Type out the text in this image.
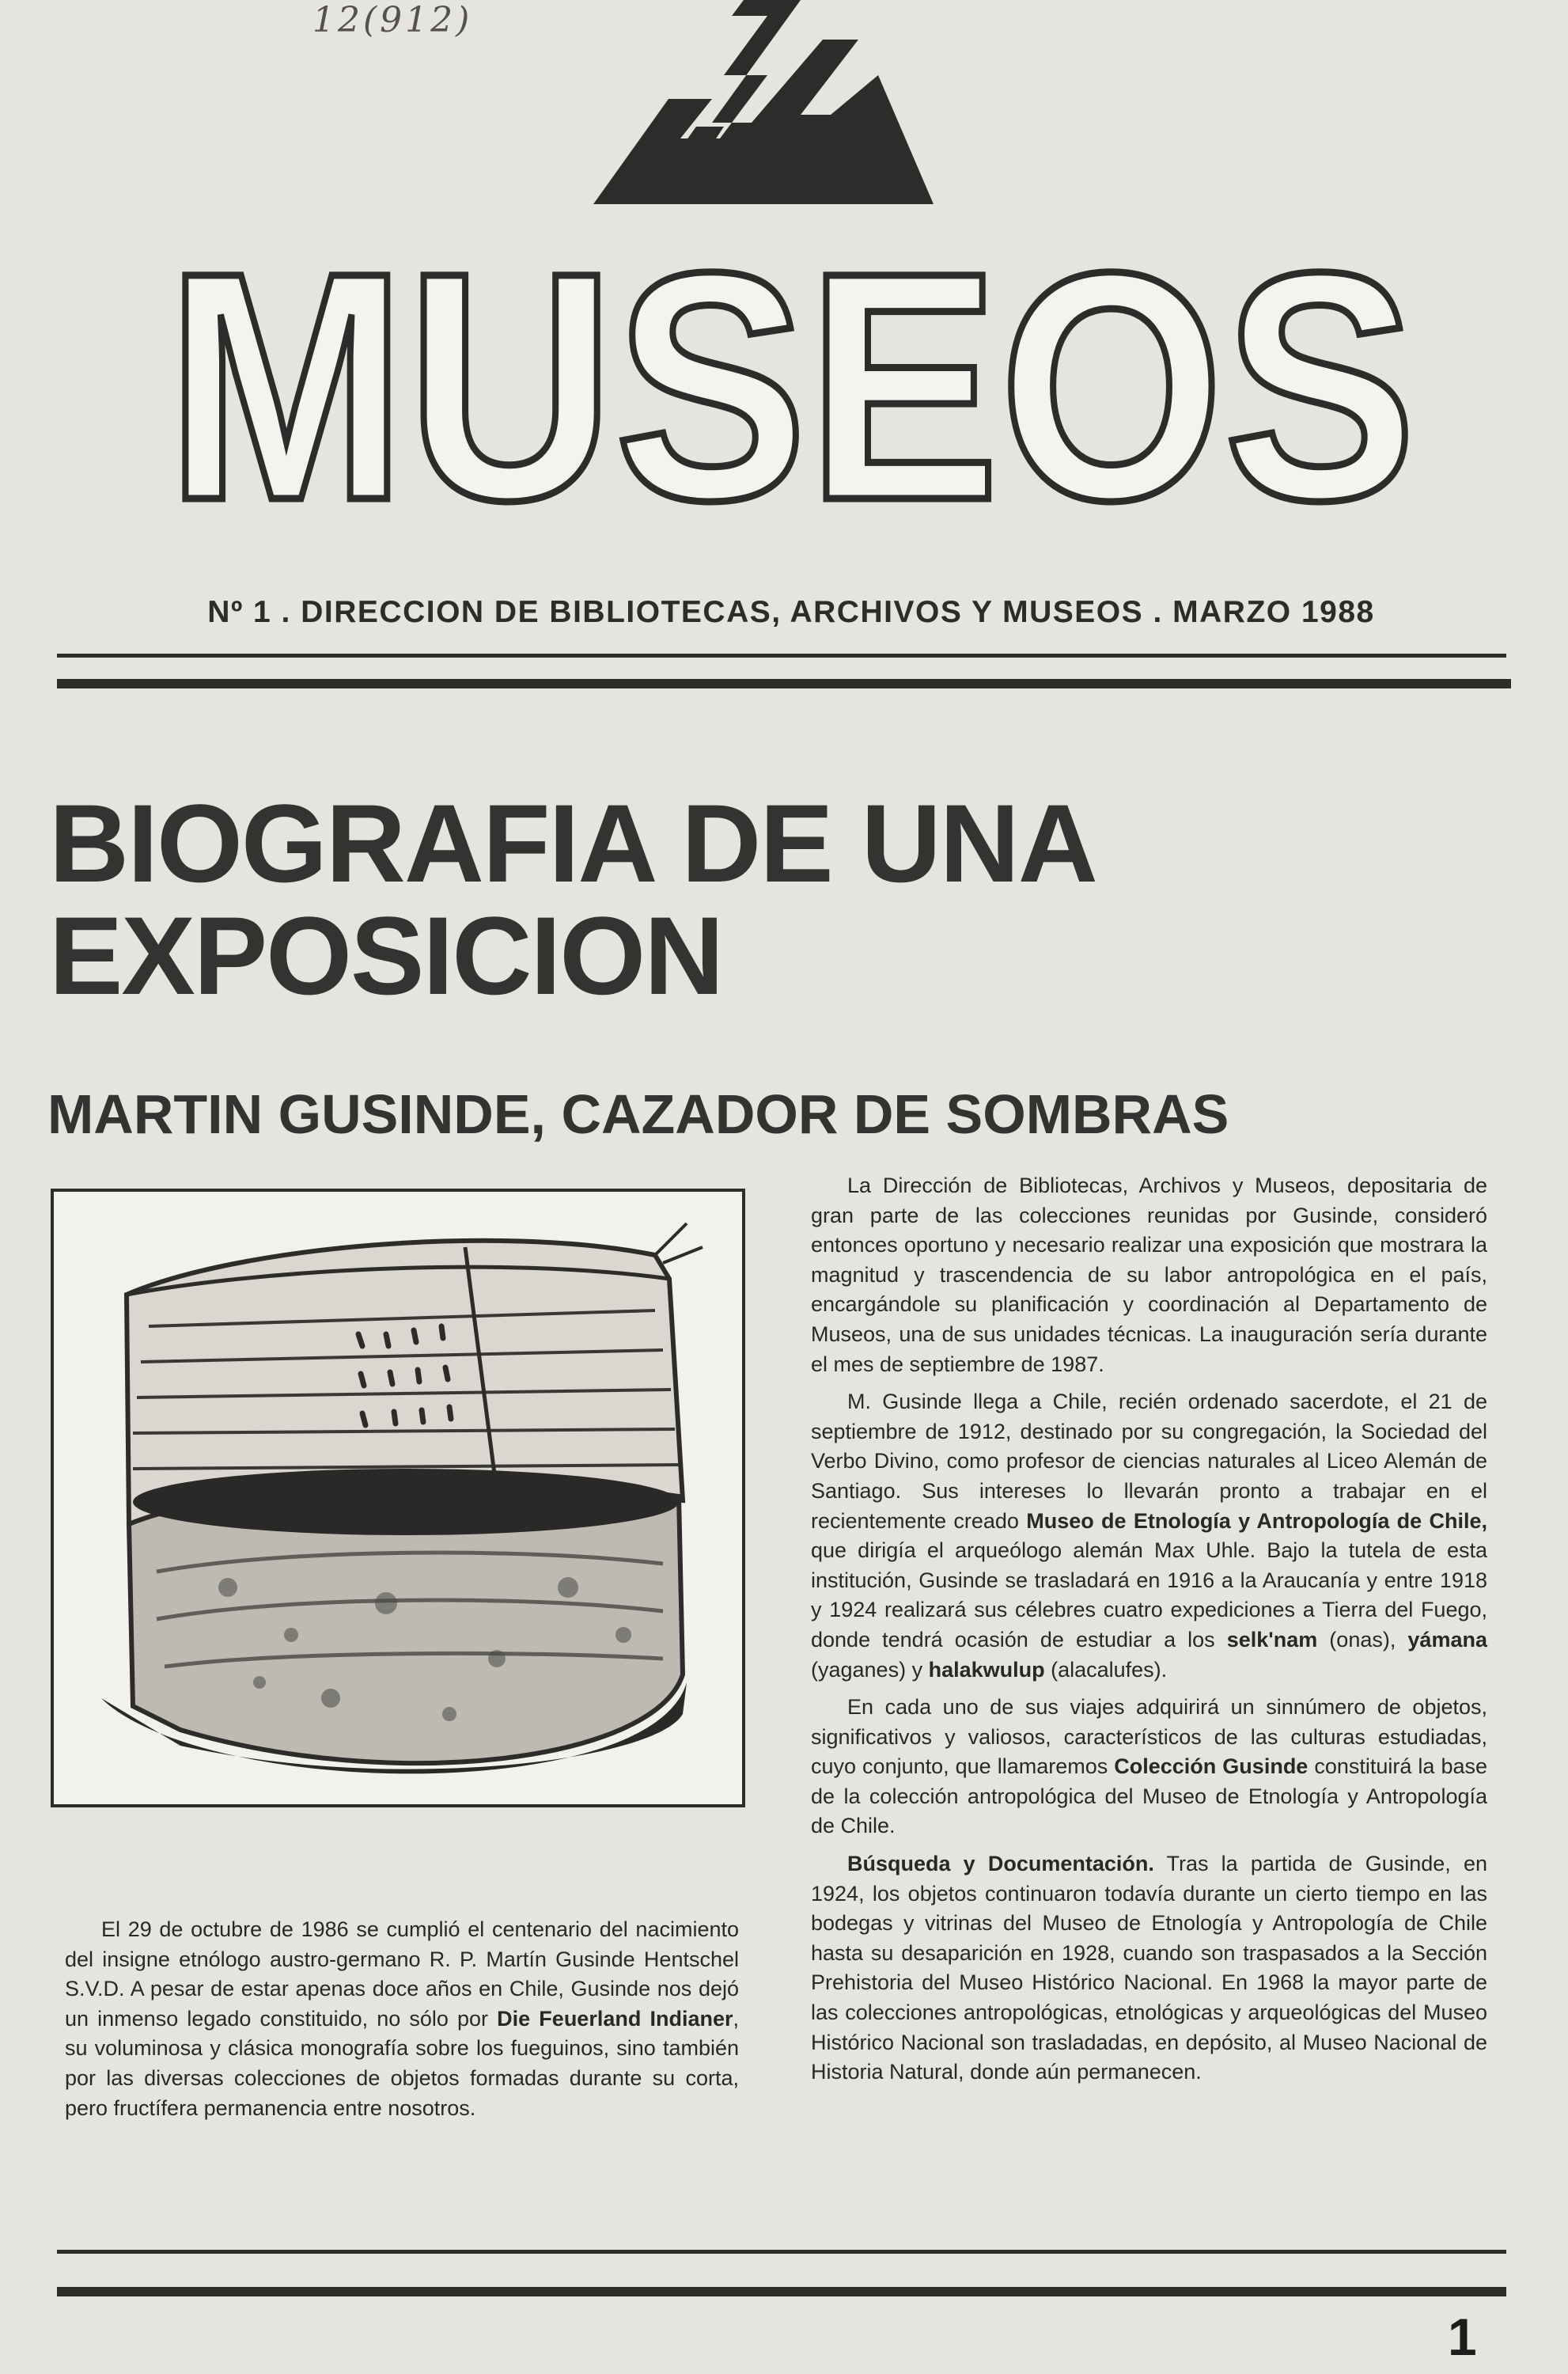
12(912)
MUSEOS
Nº 1 . DIRECCION DE BIBLIOTECAS, ARCHIVOS Y MUSEOS . MARZO 1988
BIOGRAFIA DE UNA
EXPOSICION
MARTIN GUSINDE, CAZADOR DE SOMBRAS

El 29 de octubre de 1986 se cumplió el centenario del nacimiento del insigne etnólogo austro-germano R. P. Martín Gusinde Hentschel S.V.D. A pesar de estar apenas doce años en Chile, Gusinde nos dejó un inmenso legado constituido, no sólo por Die Feuerland Indianer, su voluminosa y clásica monografía sobre los fueguinos, sino también por las diversas colecciones de objetos formadas durante su corta, pero fructífera permanencia entre nosotros.

La Dirección de Bibliotecas, Archivos y Museos, depositaria de gran parte de las colecciones reunidas por Gusinde, consideró entonces oportuno y necesario realizar una exposición que mostrara la magnitud y trascendencia de su labor antropológica en el país, encargándole su planificación y coordinación al Departamento de Museos, una de sus unidades técnicas. La inauguración sería durante el mes de septiembre de 1987.

M. Gusinde llega a Chile, recién ordenado sacerdote, el 21 de septiembre de 1912, destinado por su congregación, la Sociedad del Verbo Divino, como profesor de ciencias naturales al Liceo Alemán de Santiago. Sus intereses lo llevarán pronto a trabajar en el recientemente creado Museo de Etnología y Antropología de Chile, que dirigía el arqueólogo alemán Max Uhle. Bajo la tutela de esta institución, Gusinde se trasladará en 1916 a la Araucanía y entre 1918 y 1924 realizará sus célebres cuatro expediciones a Tierra del Fuego, donde tendrá ocasión de estudiar a los selk'nam (onas), yámana (yaganes) y halakwulup (alacalufes).

En cada uno de sus viajes adquirirá un sinnúmero de objetos, significativos y valiosos, característicos de las culturas estudiadas, cuyo conjunto, que llamaremos Colección Gusinde constituirá la base de la colección antropológica del Museo de Etnología y Antropología de Chile.

Búsqueda y Documentación. Tras la partida de Gusinde, en 1924, los objetos continuaron todavía durante un cierto tiempo en las bodegas y vitrinas del Museo de Etnología y Antropología de Chile hasta su desaparición en 1928, cuando son traspasados a la Sección Prehistoria del Museo Histórico Nacional. En 1968 la mayor parte de las colecciones antropológicas, etnológicas y arqueológicas del Museo Histórico Nacional son trasladadas, en depósito, al Museo Nacional de Historia Natural, donde aún permanecen.

1
